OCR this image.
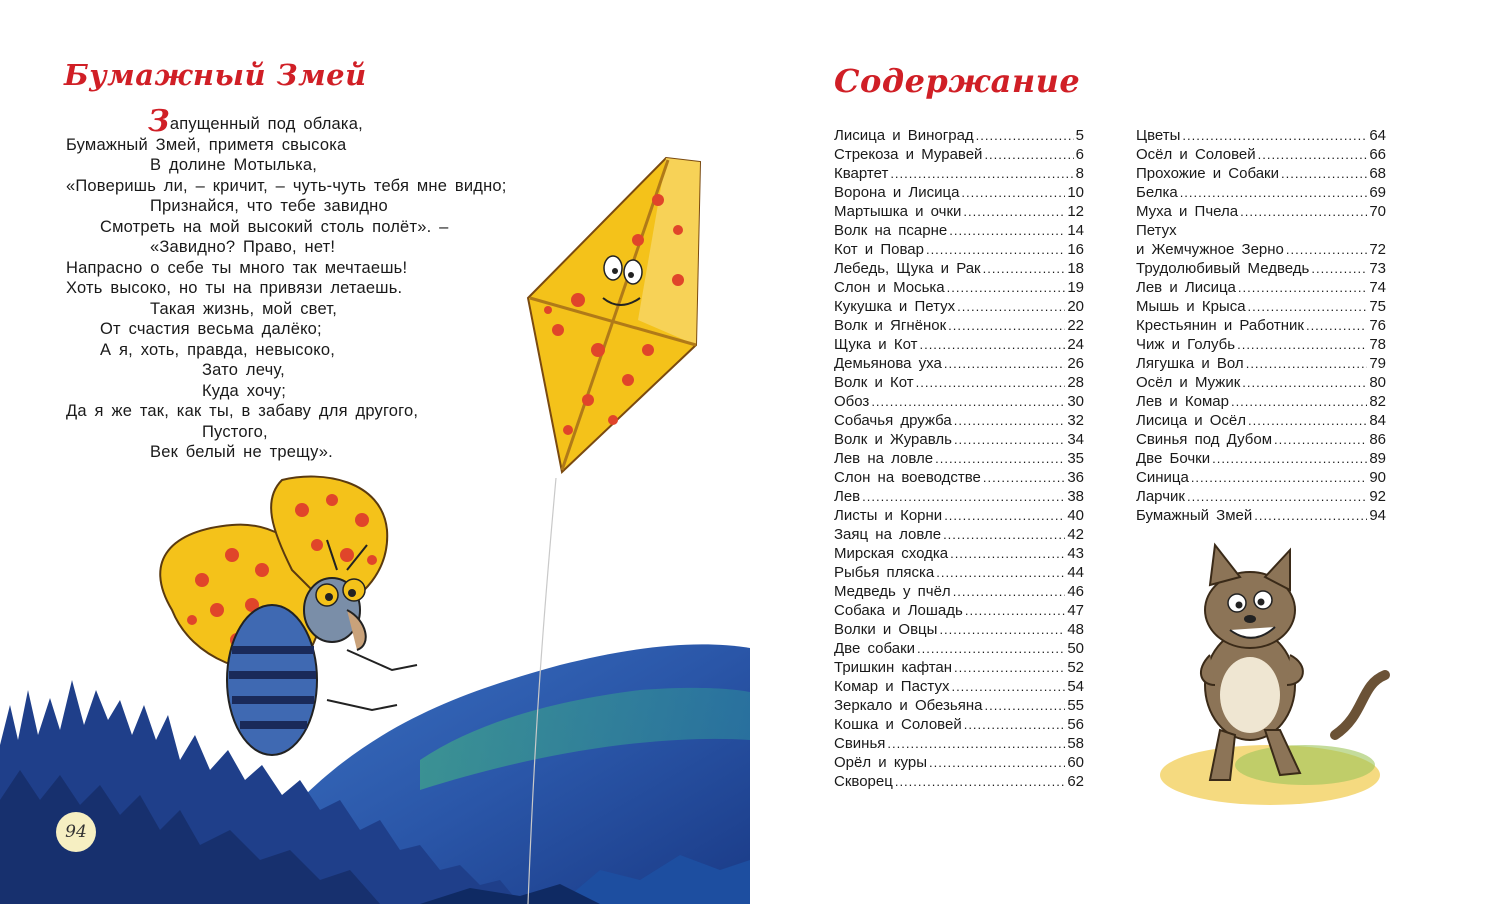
Бумажный Змей
Запущенный под облака,
Бумажный Змей, приметя свысока
В долине Мотылька,
«Поверишь ли, – кричит, – чуть-чуть тебя мне видно;
Признайся, что тебе завидно
Смотреть на мой высокий столь полёт». –
«Завидно? Право, нет!
Напрасно о себе ты много так мечтаешь!
Хоть высоко, но ты на привязи летаешь.
Такая жизнь, мой свет,
От счастия весьма далёко;
А я, хоть, правда, невысоко,
Зато лечу,
Куда хочу;
Да я же так, как ты, в забаву для другого,
Пустого,
Век белый не трещу».
94
Содержание
Лисица и Виноград .....	5
Стрекоза и Муравей .....	6
Квартет .....	8
Ворона и Лисица .....	10
Мартышка и очки .....	12
Волк на псарне .....	14
Кот и Повар .....	16
Лебедь, Щука и Рак .....	18
Слон и Моська .....	19
Кукушка и Петух .....	20
Волк и Ягнёнок .....	22
Щука и Кот .....	24
Демьянова уха .....	26
Волк и Кот .....	28
Обоз .....	30
Собачья дружба .....	32
Волк и Журавль .....	34
Лев на ловле .....	35
Слон на воеводстве .....	36
Лев .....	38
Листы и Корни .....	40
Заяц на ловле .....	42
Мирская сходка .....	43
Рыбья пляска .....	44
Медведь у пчёл .....	46
Собака и Лошадь .....	47
Волки и Овцы .....	48
Две собаки .....	50
Тришкин кафтан .....	52
Комар и Пастух .....	54
Зеркало и Обезьяна .....	55
Кошка и Соловей .....	56
Свинья .....	58
Орёл и куры .....	60
Скворец .....	62
Цветы .....	64
Осёл и Соловей .....	66
Прохожие и Собаки .....	68
Белка .....	69
Муха и Пчела .....	70
Петух
и Жемчужное Зерно .....	72
Трудолюбивый Медведь .....	73
Лев и Лисица .....	74
Мышь и Крыса .....	75
Крестьянин и Работник .....	76
Чиж и Голубь .....	78
Лягушка и Вол .....	79
Осёл и Мужик .....	80
Лев и Комар .....	82
Лисица и Осёл .....	84
Свинья под Дубом .....	86
Две Бочки .....	89
Синица .....	90
Ларчик .....	92
Бумажный Змей .....	94
